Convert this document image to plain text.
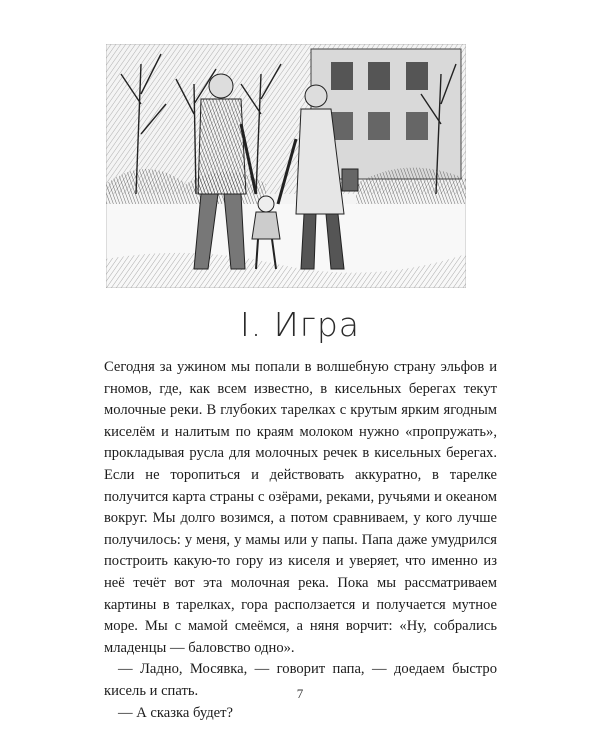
I. Игра

Сегодня за ужином мы попали в волшебную страну эльфов и гномов, где, как всем известно, в кисельных берегах текут молочные реки. В глубоких тарелках с крутым ярким ягодным киселём и налитым по краям молоком нужно «пропружать», прокладывая русла для молочных речек в кисельных берегах. Если не торопиться и действовать аккуратно, в тарелке получится карта страны с озёрами, реками, ручьями и океаном вокруг. Мы долго возимся, а потом сравниваем, у кого лучше получилось: у меня, у мамы или у папы. Папа даже умудрился построить какую-то гору из киселя и уверяет, что именно из неё течёт вот эта молочная река. Пока мы рассматриваем картины в тарелках, гора расползается и получается мутное море. Мы с мамой смеёмся, а няня ворчит: «Ну, собрались младенцы — баловство одно».

— Ладно, Мосявка, — говорит папа, — доедаем быстро кисель и спать.

— А сказка будет?

7
